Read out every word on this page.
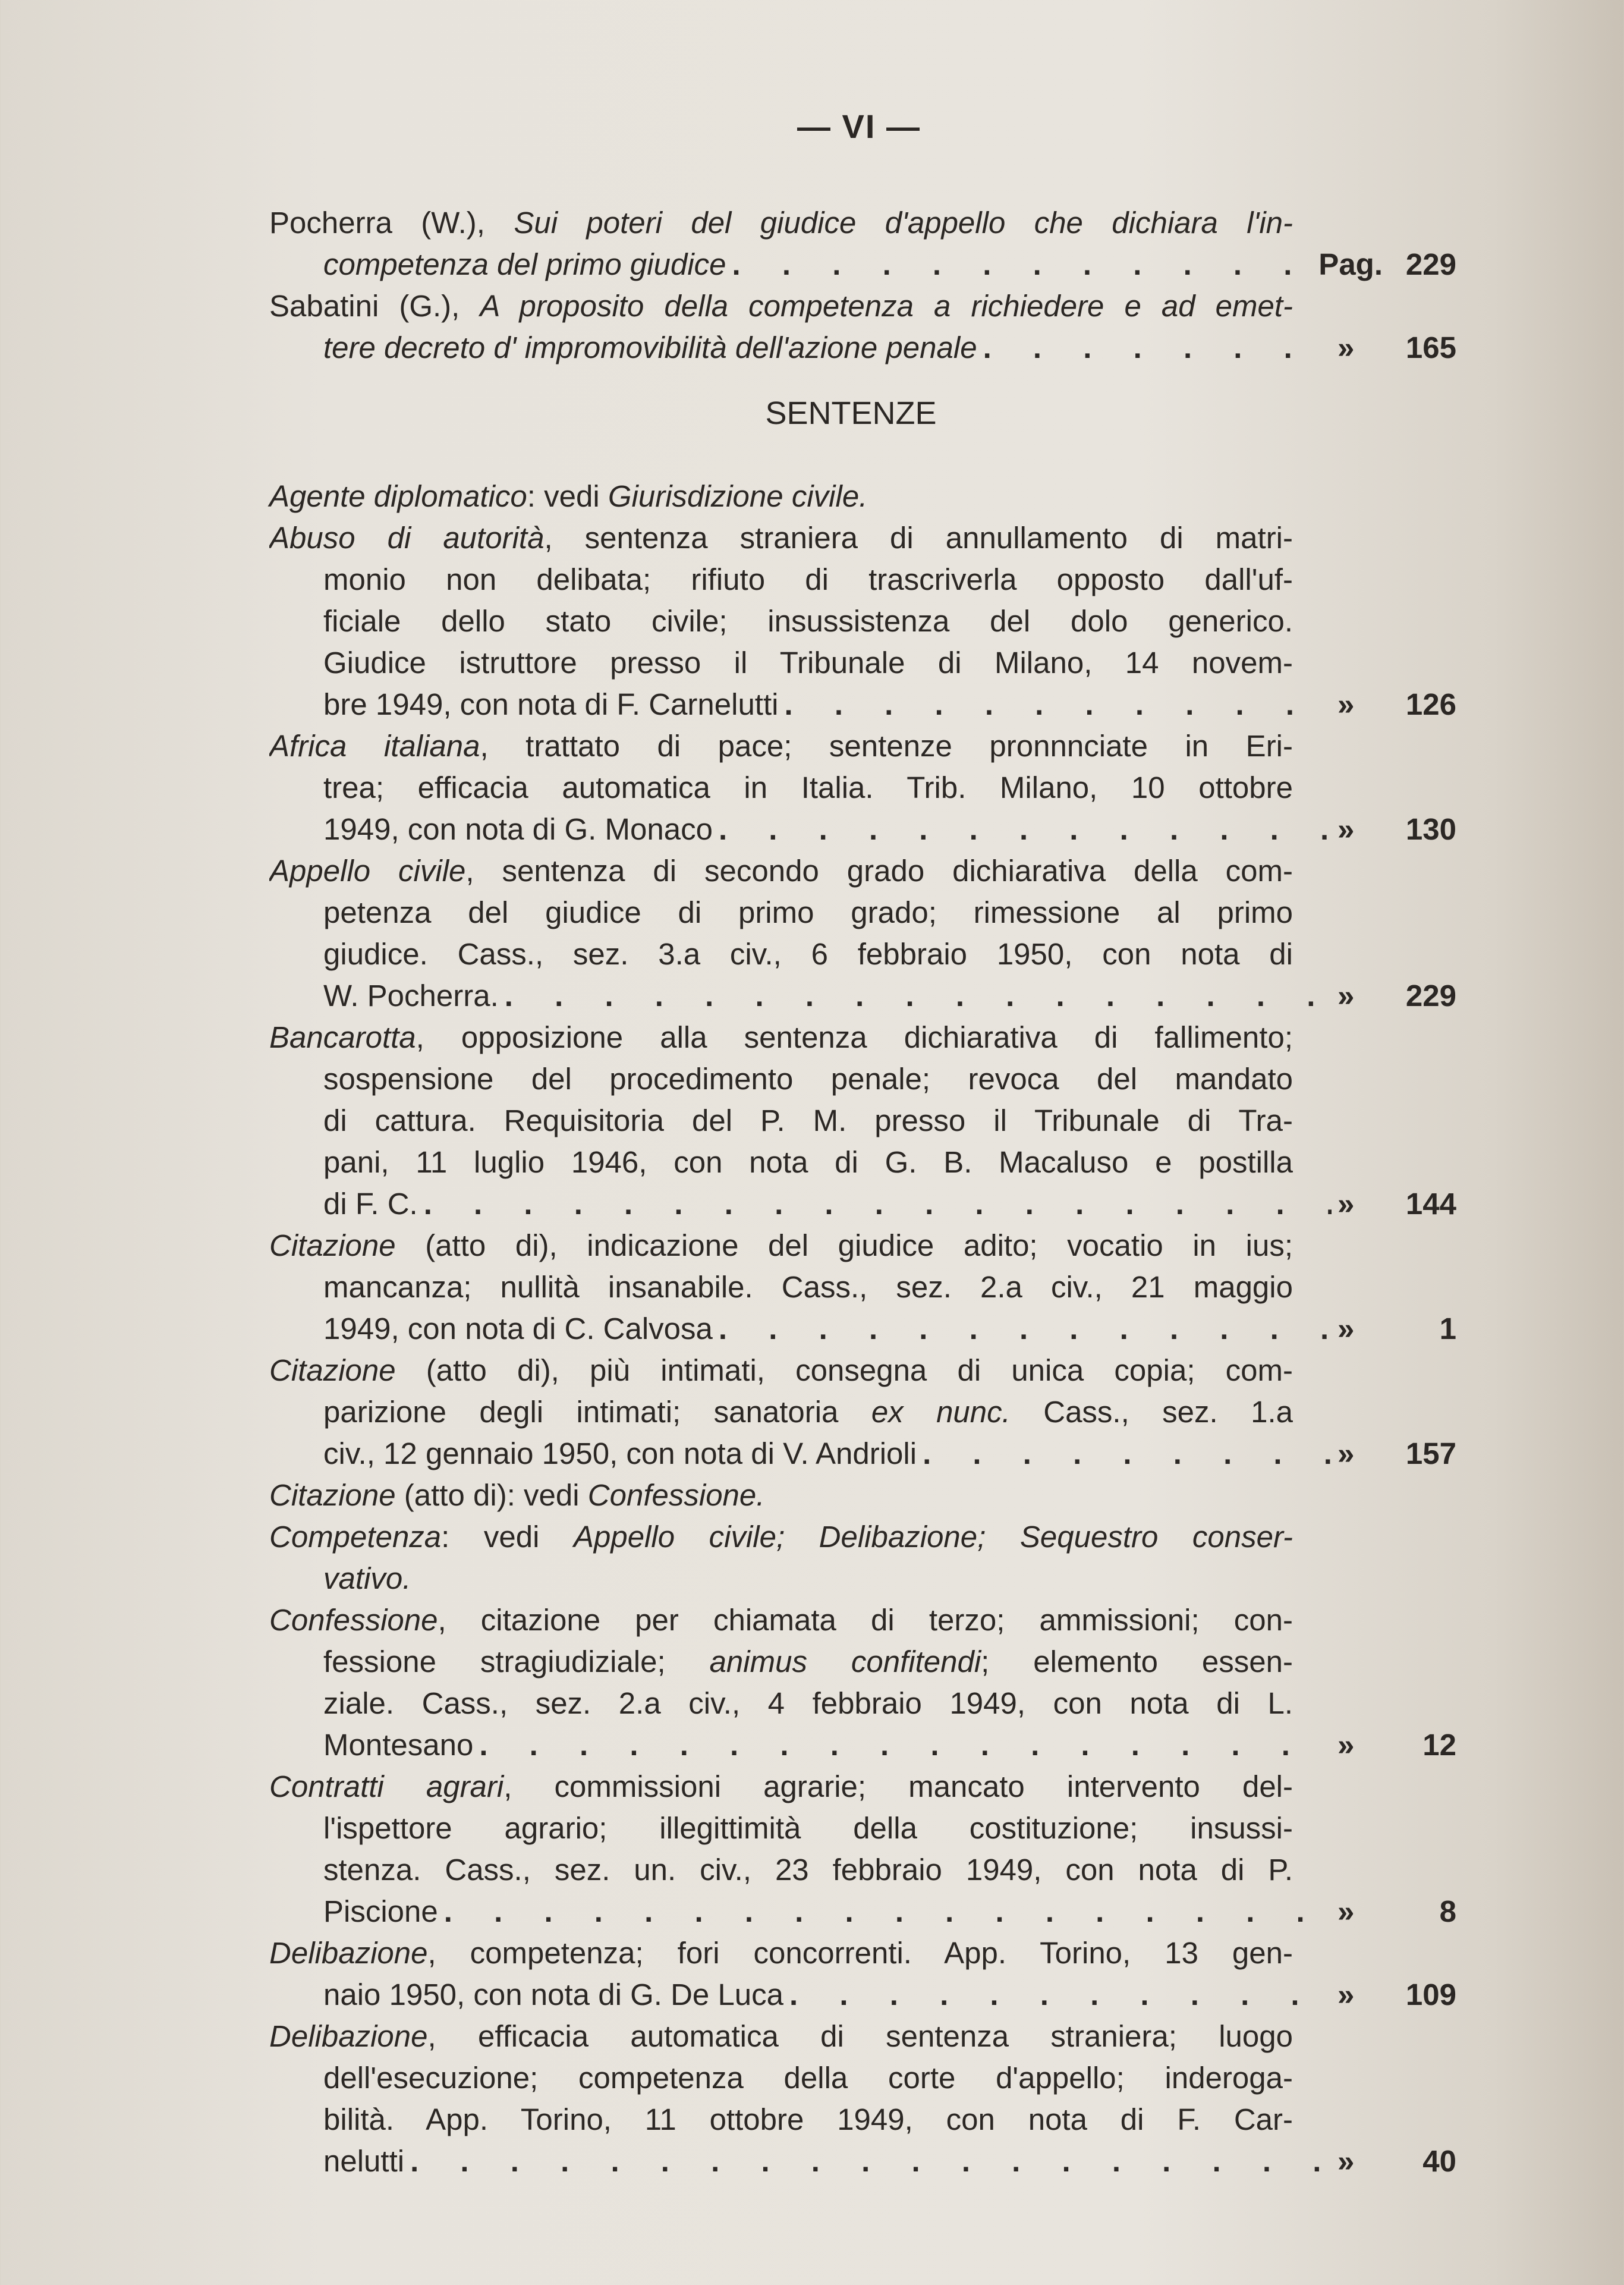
— VI —
Pocherra (W.), Sui poteri del giudice d'appello che dichiara l'in-
competenza del primo giudice . . .	Pag. 229
Sabatini (G.), A proposito della competenza a richiedere e ad emet-
tere decreto d' impromovibilità dell'azione penale . . .	»	165
SENTENZE
Agente diplomatico: vedi Giurisdizione civile.
Abuso di autorità, sentenza straniera di annullamento di matri-
monio non delibata; rifiuto di trascriverla opposto dall'uf-
ficiale dello stato civile; insussistenza del dolo generico.
Giudice istruttore presso il Tribunale di Milano, 14 novem-
bre 1949, con nota di F. Carnelutti . . .	»	126
Africa italiana, trattato di pace; sentenze pronnnciate in Eri-
trea; efficacia automatica in Italia. Trib. Milano, 10 ottobre
1949, con nota di G. Monaco . . .	»	130
Appello civile, sentenza di secondo grado dichiarativa della com-
petenza del giudice di primo grado; rimessione al primo
giudice. Cass., sez. 3.a civ., 6 febbraio 1950, con nota di
W. Pocherra. . . .	»	229
Bancarotta, opposizione alla sentenza dichiarativa di fallimento;
sospensione del procedimento penale; revoca del mandato
di cattura. Requisitoria del P. M. presso il Tribunale di Tra-
pani, 11 luglio 1946, con nota di G. B. Macaluso e postilla
di F. C. . . .	»	144
Citazione (atto di), indicazione del giudice adito; vocatio in ius;
mancanza; nullità insanabile. Cass., sez. 2.a civ., 21 maggio
1949, con nota di C. Calvosa . . .	»	1
Citazione (atto di), più intimati, consegna di unica copia; com-
parizione degli intimati; sanatoria ex nunc. Cass., sez. 1.a
civ., 12 gennaio 1950, con nota di V. Andrioli . . .	»	157
Citazione (atto di): vedi Confessione.
Competenza: vedi Appello civile; Delibazione; Sequestro conser-
vativo.
Confessione, citazione per chiamata di terzo; ammissioni; con-
fessione stragiudiziale; animus confitendi; elemento essen-
ziale. Cass., sez. 2.a civ., 4 febbraio 1949, con nota di L.
Montesano . . .	»	12
Contratti agrari, commissioni agrarie; mancato intervento del-
l'ispettore agrario; illegittimità della costituzione; insussi-
stenza. Cass., sez. un. civ., 23 febbraio 1949, con nota di P.
Piscione . . .	»	8
Delibazione, competenza; fori concorrenti. App. Torino, 13 gen-
naio 1950, con nota di G. De Luca . . .	»	109
Delibazione, efficacia automatica di sentenza straniera; luogo
dell'esecuzione; competenza della corte d'appello; inderoga-
bilità. App. Torino, 11 ottobre 1949, con nota di F. Car-
nelutti . . .	»	40
